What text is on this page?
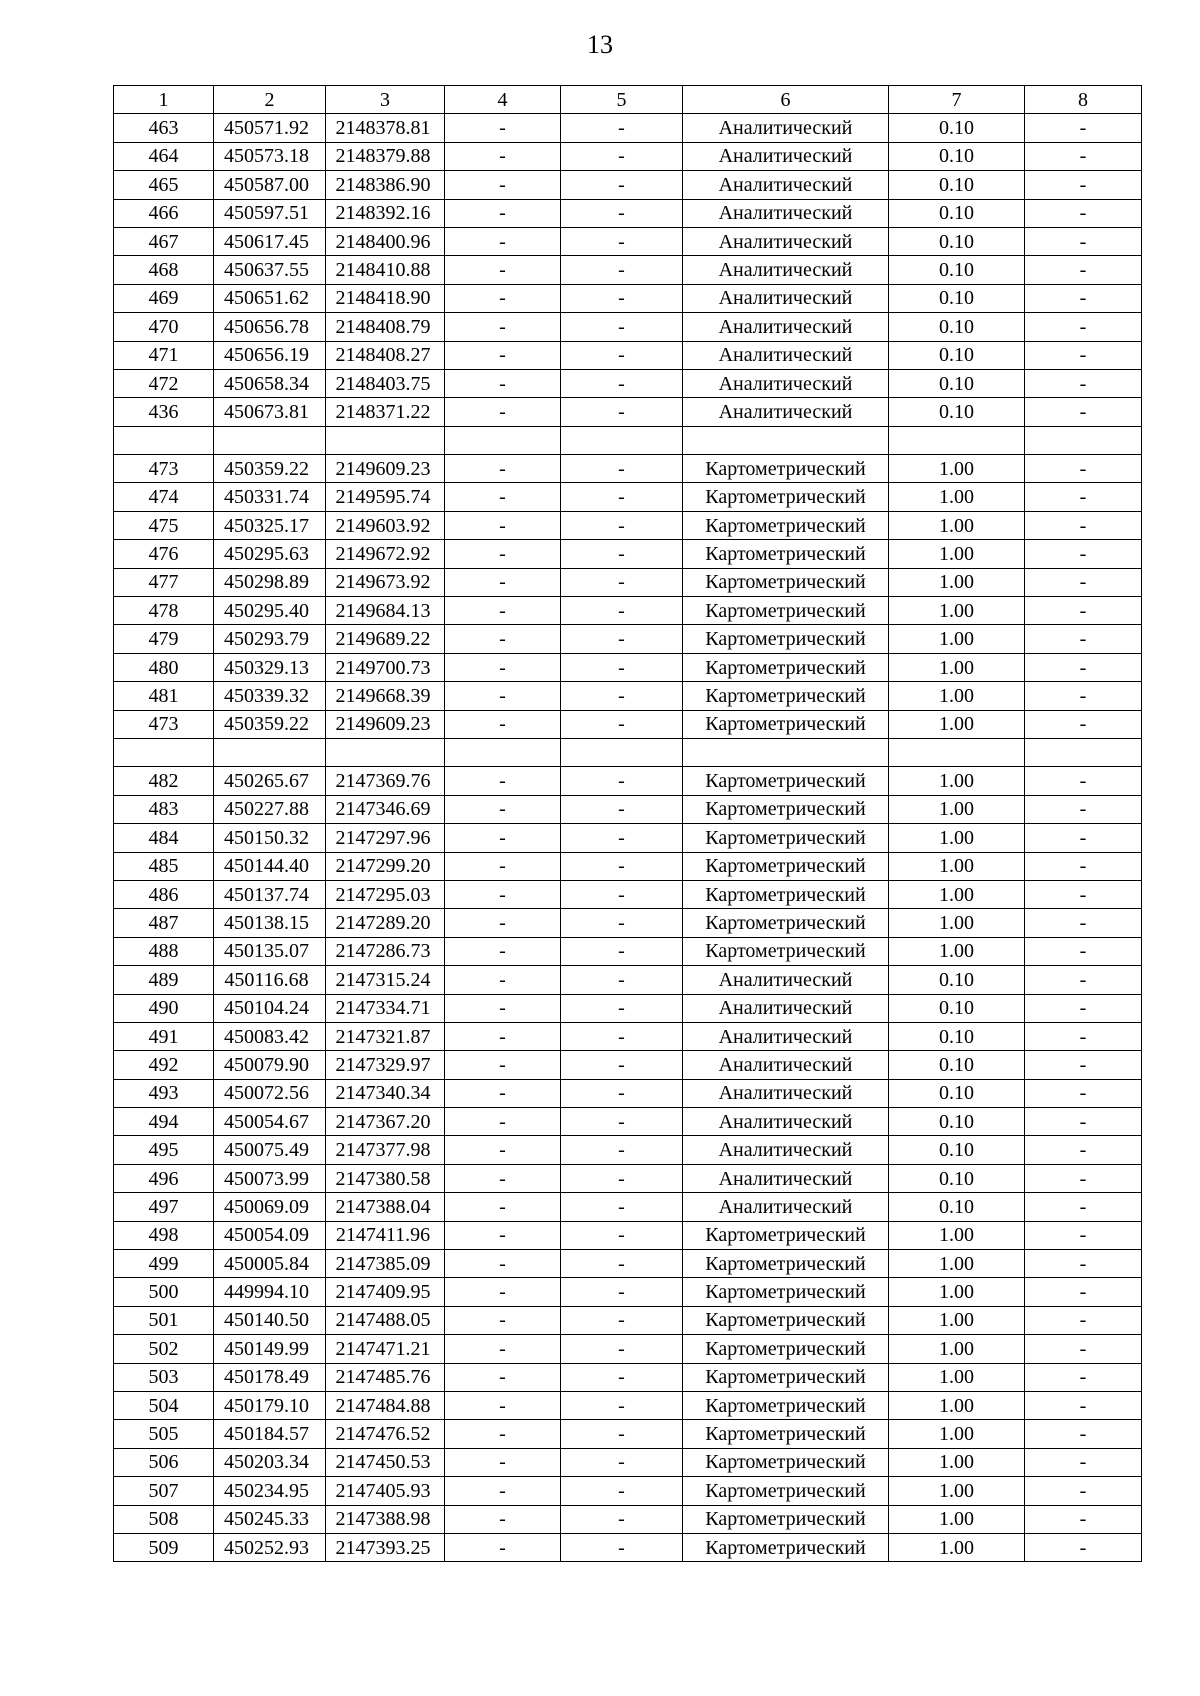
13
1	2	3	4	5	6	7	8
463	450571.92	2148378.81	-	-	Аналитический	0.10	-
464	450573.18	2148379.88	-	-	Аналитический	0.10	-
465	450587.00	2148386.90	-	-	Аналитический	0.10	-
466	450597.51	2148392.16	-	-	Аналитический	0.10	-
467	450617.45	2148400.96	-	-	Аналитический	0.10	-
468	450637.55	2148410.88	-	-	Аналитический	0.10	-
469	450651.62	2148418.90	-	-	Аналитический	0.10	-
470	450656.78	2148408.79	-	-	Аналитический	0.10	-
471	450656.19	2148408.27	-	-	Аналитический	0.10	-
472	450658.34	2148403.75	-	-	Аналитический	0.10	-
436	450673.81	2148371.22	-	-	Аналитический	0.10	-

473	450359.22	2149609.23	-	-	Картометрический	1.00	-
474	450331.74	2149595.74	-	-	Картометрический	1.00	-
475	450325.17	2149603.92	-	-	Картометрический	1.00	-
476	450295.63	2149672.92	-	-	Картометрический	1.00	-
477	450298.89	2149673.92	-	-	Картометрический	1.00	-
478	450295.40	2149684.13	-	-	Картометрический	1.00	-
479	450293.79	2149689.22	-	-	Картометрический	1.00	-
480	450329.13	2149700.73	-	-	Картометрический	1.00	-
481	450339.32	2149668.39	-	-	Картометрический	1.00	-
473	450359.22	2149609.23	-	-	Картометрический	1.00	-

482	450265.67	2147369.76	-	-	Картометрический	1.00	-
483	450227.88	2147346.69	-	-	Картометрический	1.00	-
484	450150.32	2147297.96	-	-	Картометрический	1.00	-
485	450144.40	2147299.20	-	-	Картометрический	1.00	-
486	450137.74	2147295.03	-	-	Картометрический	1.00	-
487	450138.15	2147289.20	-	-	Картометрический	1.00	-
488	450135.07	2147286.73	-	-	Картометрический	1.00	-
489	450116.68	2147315.24	-	-	Аналитический	0.10	-
490	450104.24	2147334.71	-	-	Аналитический	0.10	-
491	450083.42	2147321.87	-	-	Аналитический	0.10	-
492	450079.90	2147329.97	-	-	Аналитический	0.10	-
493	450072.56	2147340.34	-	-	Аналитический	0.10	-
494	450054.67	2147367.20	-	-	Аналитический	0.10	-
495	450075.49	2147377.98	-	-	Аналитический	0.10	-
496	450073.99	2147380.58	-	-	Аналитический	0.10	-
497	450069.09	2147388.04	-	-	Аналитический	0.10	-
498	450054.09	2147411.96	-	-	Картометрический	1.00	-
499	450005.84	2147385.09	-	-	Картометрический	1.00	-
500	449994.10	2147409.95	-	-	Картометрический	1.00	-
501	450140.50	2147488.05	-	-	Картометрический	1.00	-
502	450149.99	2147471.21	-	-	Картометрический	1.00	-
503	450178.49	2147485.76	-	-	Картометрический	1.00	-
504	450179.10	2147484.88	-	-	Картометрический	1.00	-
505	450184.57	2147476.52	-	-	Картометрический	1.00	-
506	450203.34	2147450.53	-	-	Картометрический	1.00	-
507	450234.95	2147405.93	-	-	Картометрический	1.00	-
508	450245.33	2147388.98	-	-	Картометрический	1.00	-
509	450252.93	2147393.25	-	-	Картометрический	1.00	-
